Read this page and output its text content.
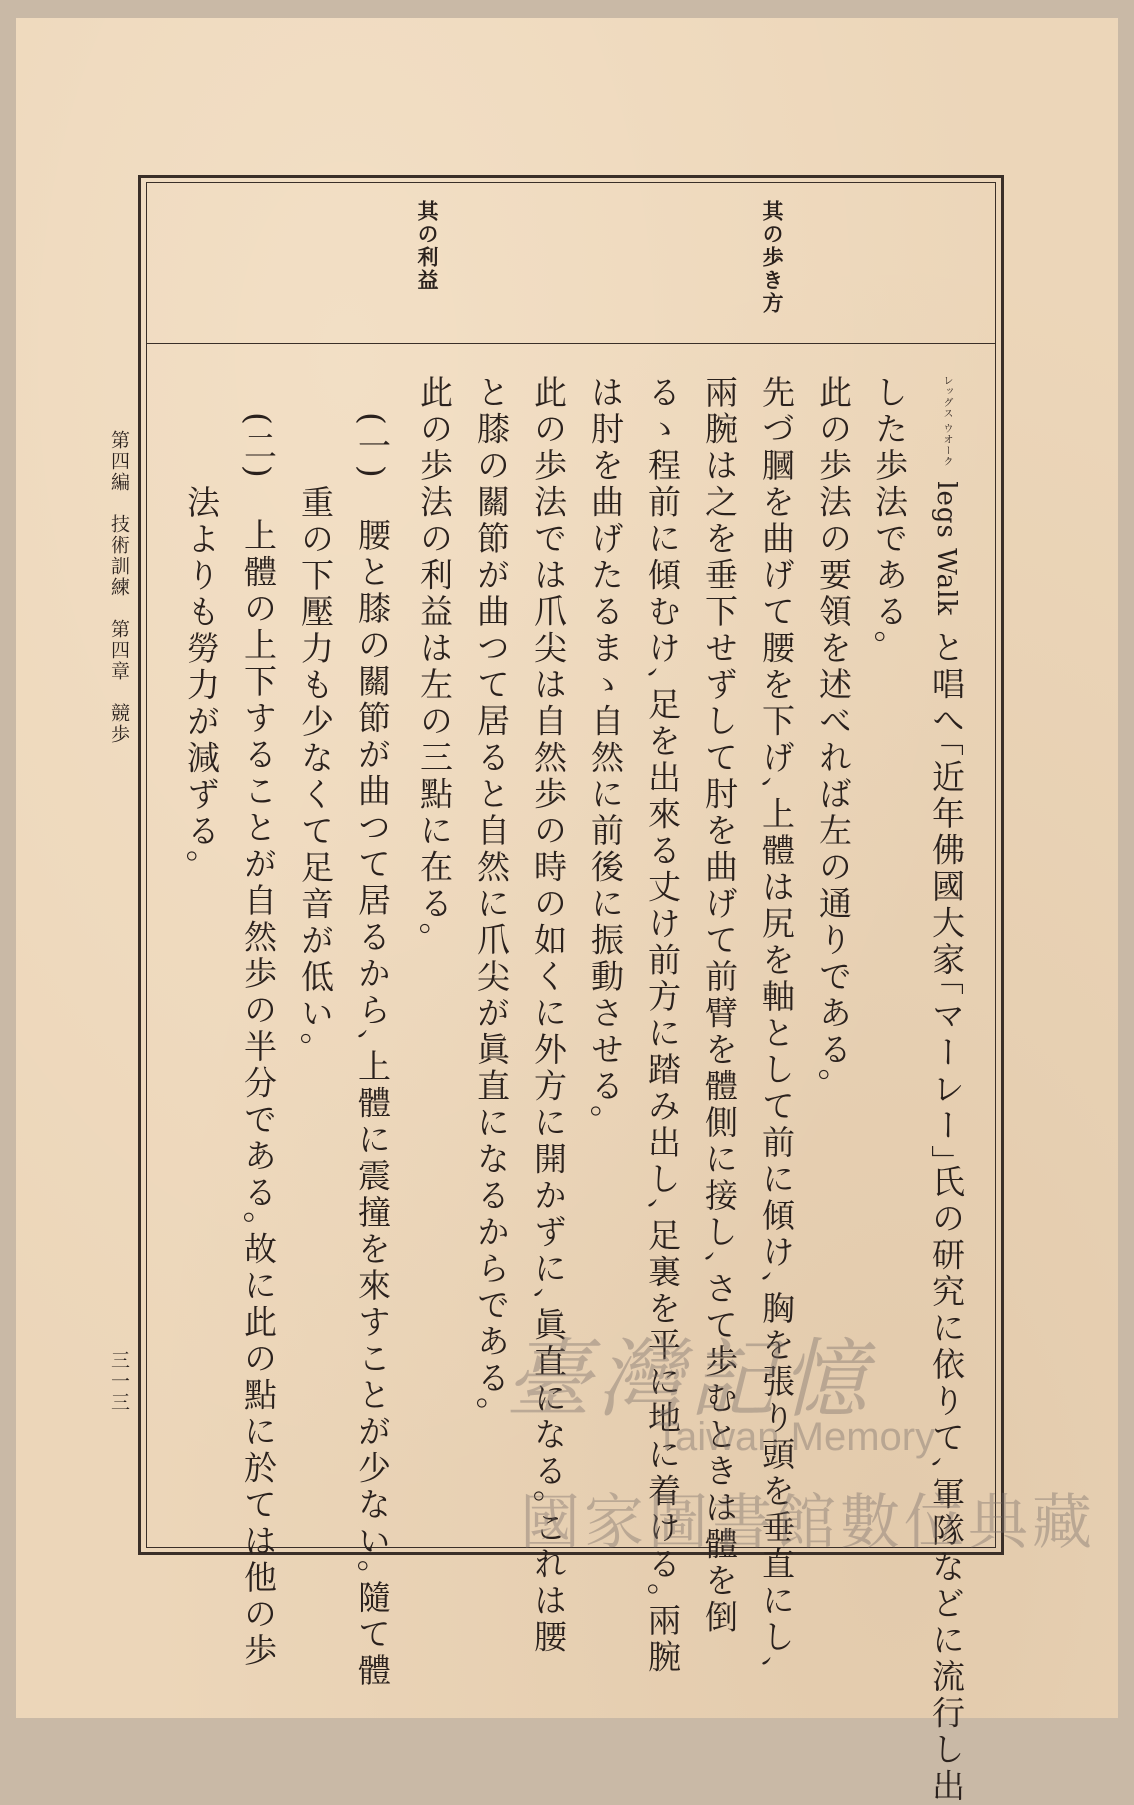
其の歩き方
其の利益
レッグス ウオーク legs Walk と唱へ｢近年佛國大家｢マーレー｣氏の研究に依りて､軍隊などに流行し出
した歩法である｡
此の歩法の要領を述べれば左の通りである｡
先づ膕を曲げて腰を下げ､上體は尻を軸として前に傾け､胸を張り頭を垂直にし､
兩腕は之を垂下せずして肘を曲げて前臂を體側に接し､さて歩むときは體を倒
るゝ程前に傾むけ､足を出來る丈け前方に踏み出し､足裏を平に地に着ける｡兩腕
は肘を曲げたるまゝ自然に前後に振動させる｡
此の歩法では爪尖は自然歩の時の如くに外方に開かずに､眞直になる｡これは腰
と膝の關節が曲つて居ると自然に爪尖が眞直になるからである｡
此の歩法の利益は左の三點に在る｡
(一)　腰と膝の關節が曲つて居るから､上體に震撞を來すことが少ない｡隨て體
　　重の下壓力も少なくて足音が低い｡
(二)　上體の上下することが自然歩の半分である｡故に此の點に於ては他の歩
　　法よりも勞力が減ずる｡
第四編　技術訓練　第四章　競歩
三一三	臺灣記憶
Taiwan Memory
國家圖書館數位典藏
